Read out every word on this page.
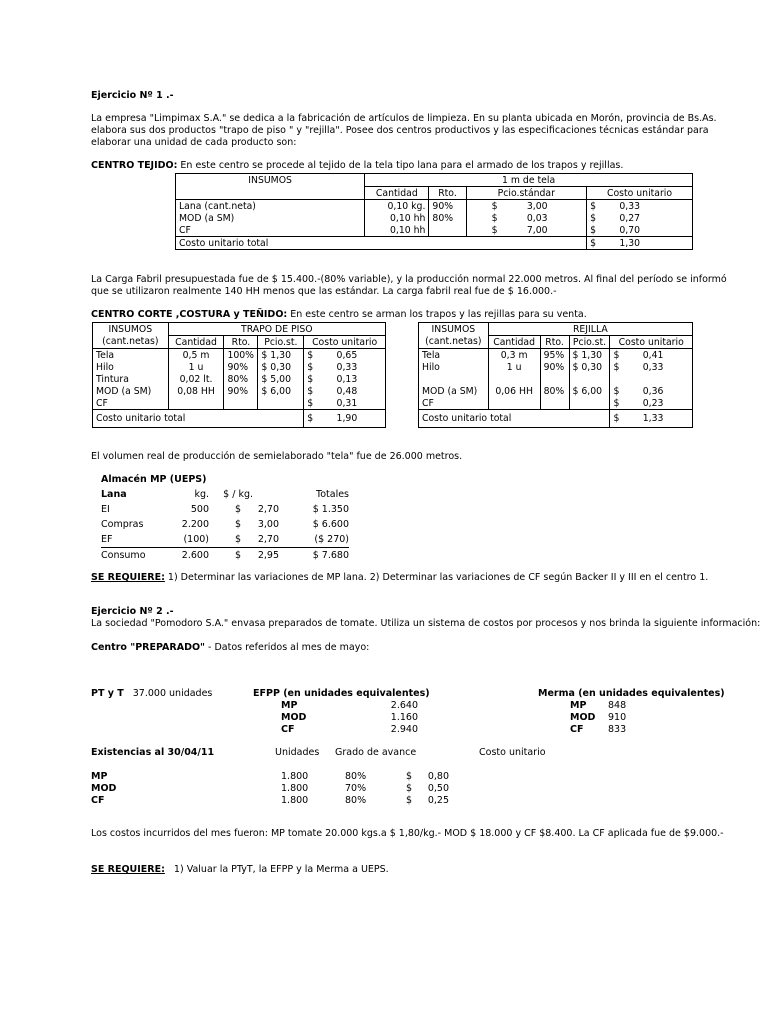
Ejercicio Nº 1 .-

La empresa "Limpimax S.A." se dedica a la fabricación de artículos de limpieza. En su planta ubicada en Morón, provincia de Bs.As. elabora sus dos productos "trapo de piso " y "rejilla". Posee dos centros productivos y las especificaciones técnicas estándar para elaborar una unidad de cada producto son:

CENTRO TEJIDO: En este centro se procede al tejido de la tela tipo lana para el armado de los trapos y rejillas.
INSUMOS	1 m de tela			
	Cantidad	Rto.	Pcio.stándar	Costo unitario
Lana (cant.neta)	0,10 kg.	90%	$ 3,00	$ 0,33
MOD (a SM)	0,10 hh	80%	$ 0,03	$ 0,27
CF	0,10 hh		$ 7,00	$ 0,70
Costo unitario total				$ 1,30

La Carga Fabril presupuestada fue de $ 15.400.-(80% variable), y la producción normal 22.000 metros. Al final del período se informó que se utilizaron realmente 140 HH menos que las estándar. La carga fabril real fue de $ 16.000.-

CENTRO CORTE ,COSTURA y TEÑIDO: En este centro se arman los trapos y las rejillas para su venta.
INSUMOS	TRAPO DE PISO			
(cant.netas)	Cantidad	Rto.	Pcio.st.	Costo unitario
Tela	0,5 m	100%	$ 1,30	$ 0,65
Hilo	1 u	90%	$ 0,30	$ 0,33
Tintura	0,02 lt.	80%	$ 5,00	$ 0,13
MOD (a SM)	0,08 HH	90%	$ 6,00	$ 0,48
CF				$ 0,31
Costo unitario total				$ 1,90
INSUMOS	REJILLA			
(cant.netas)	Cantidad	Rto.	Pcio.st.	Costo unitario
Tela	0,3 m	95%	$ 1,30	$ 0,41
Hilo	1 u	90%	$ 0,30	$ 0,33

MOD (a SM)	0,06 HH	80%	$ 6,00	$ 0,36
CF				$ 0,23
Costo unitario total				$ 1,33
El volumen real de producción de semielaborado "tela" fue de 26.000 metros.
Almacén MP (UEPS)
Lana	kg.	$ / kg.			Totales
EI	500	$		2,70	$ 1.350
Compras	2.200	$		3,00	$ 6.600
EF	(100)	$		2,70	($ 270)
Consumo	2.600	$		2,95	$ 7.680
SE REQUIERE: 1) Determinar las variaciones de MP lana. 2) Determinar las variaciones de CF según Backer II y III en el centro 1.
Ejercicio Nº 2 .-
La sociedad "Pomodoro S.A." envasa preparados de tomate. Utiliza un sistema de costos por procesos y nos brinda la siguiente información:
Centro "PREPARADO" - Datos referidos al mes de mayo:
PT y T 37.000 unidades	EFPP (en unidades equivalentes)
MP	2.640
MOD	1.160
CF	2.940
Merma (en unidades equivalentes)
MP	848
MOD	910
CF	833
Existencias al 30/04/11	Unidades Grado de avance	Costo unitario
MP	1.800	80%	$	0,80
MOD	1.800	70%	$	0,50
CF	1.800	80%	$	0,25
Los costos incurridos del mes fueron: MP tomate 20.000 kgs.a $ 1,80/kg.- MOD $ 18.000 y CF $8.400. La CF aplicada fue de $9.000.-
SE REQUIERE:   1) Valuar la PTyT, la EFPP y la Merma a UEPS.
